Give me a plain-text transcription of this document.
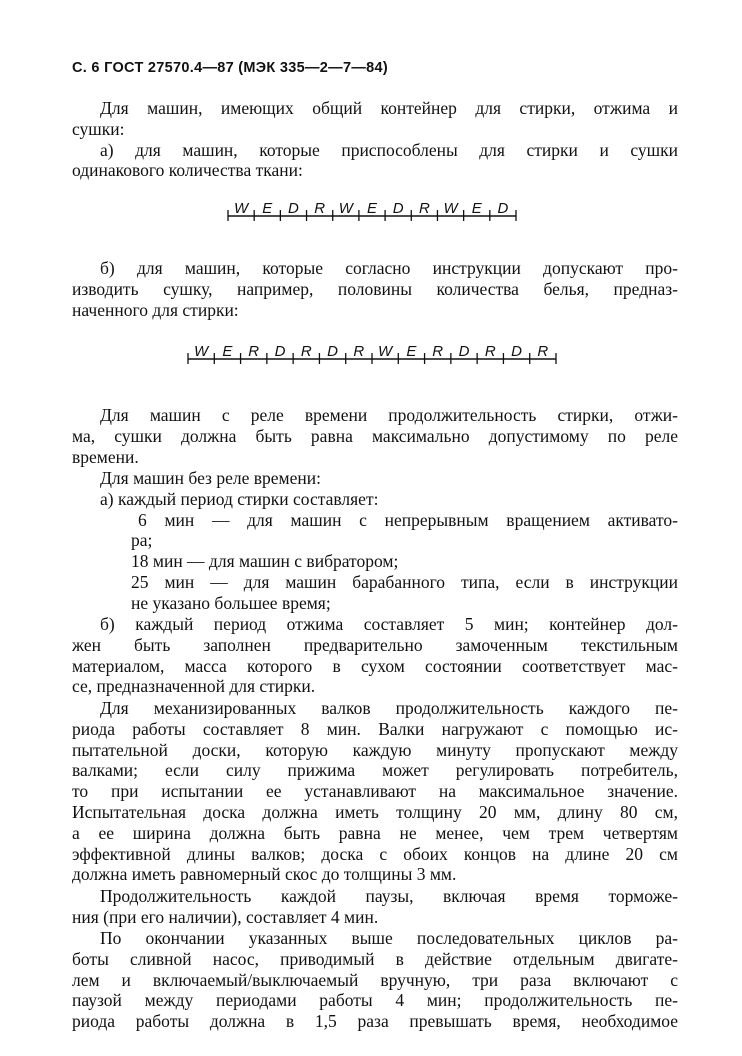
С. 6 ГОСТ 27570.4—87 (МЭК 335—2—7—84)
Для машин, имеющих общий контейнер для стирки, отжима и
сушки:
а) для машин, которые приспособлены для стирки и сушки
одинакового количества ткани:
W E D R W E D R W E D
б) для машин, которые согласно инструкции допускают про-
изводить сушку, например, половины количества белья, предназ-
наченного для стирки:
W E R D R D R W E R D R D R
Для машин с реле времени продолжительность стирки, отжи-
ма, сушки должна быть равна максимально допустимому по реле
времени.
Для машин без реле времени:
а) каждый период стирки составляет:
6 мин — для машин с непрерывным вращением активато-
ра;
18 мин — для машин с вибратором;
25 мин — для машин барабанного типа, если в инструкции
не указано большее время;
б) каждый период отжима составляет 5 мин; контейнер дол-
жен быть заполнен предварительно замоченным текстильным
материалом, масса которого в сухом состоянии соответствует мас-
се, предназначенной для стирки.
Для механизированных валков продолжительность каждого пе-
риода работы составляет 8 мин. Валки нагружают с помощью ис-
пытательной доски, которую каждую минуту пропускают между
валками; если силу прижима может регулировать потребитель,
то при испытании ее устанавливают на максимальное значение.
Испытательная доска должна иметь толщину 20 мм, длину 80 см,
а ее ширина должна быть равна не менее, чем трем четвертям
эффективной длины валков; доска с обоих концов на длине 20 см
должна иметь равномерный скос до толщины 3 мм.
Продолжительность каждой паузы, включая время торможе-
ния (при его наличии), составляет 4 мин.
По окончании указанных выше последовательных циклов ра-
боты сливной насос, приводимый в действие отдельным двигате-
лем и включаемый/выключаемый вручную, три раза включают с
паузой между периодами работы 4 мин; продолжительность пе-
риода работы должна в 1,5 раза превышать время, необходимое
